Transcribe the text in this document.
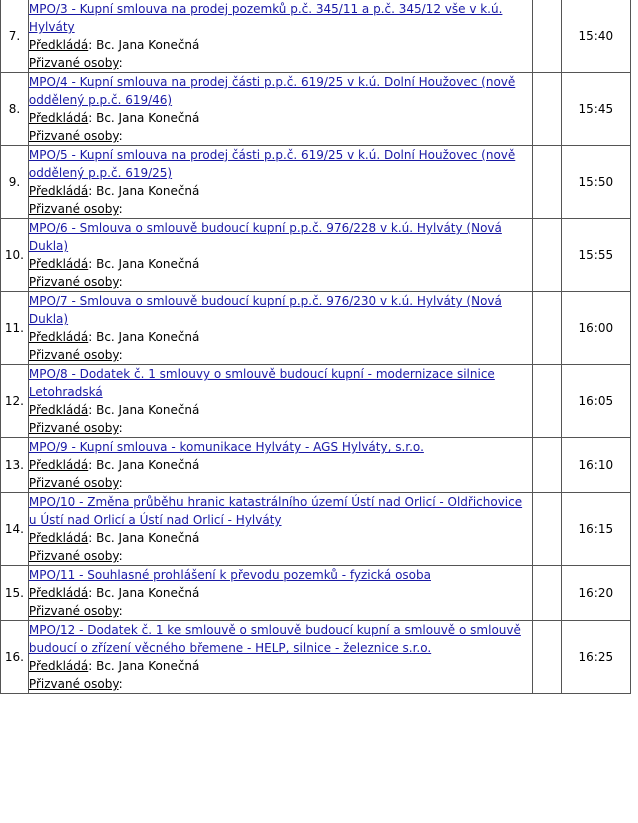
7.	MPO/3 - Kupní smlouva na prodej pozemků p.č. 345/11 a p.č. 345/12 vše v k.ú. Hylváty
Předkládá: Bc. Jana Konečná
Přizvané osoby:		15:40
8.	MPO/4 - Kupní smlouva na prodej části p.p.č. 619/25 v k.ú. Dolní Houžovec (nově oddělený p.p.č. 619/46)
Předkládá: Bc. Jana Konečná
Přizvané osoby:		15:45
9.	MPO/5 - Kupní smlouva na prodej části p.p.č. 619/25 v k.ú. Dolní Houžovec (nově oddělený p.p.č. 619/25)
Předkládá: Bc. Jana Konečná
Přizvané osoby:		15:50
10.	MPO/6 - Smlouva o smlouvě budoucí kupní p.p.č. 976/228 v k.ú. Hylváty (Nová Dukla)
Předkládá: Bc. Jana Konečná
Přizvané osoby:		15:55
11.	MPO/7 - Smlouva o smlouvě budoucí kupní p.p.č. 976/230 v k.ú. Hylváty (Nová Dukla)
Předkládá: Bc. Jana Konečná
Přizvané osoby:		16:00
12.	MPO/8 - Dodatek č. 1 smlouvy o smlouvě budoucí kupní - modernizace silnice Letohradská
Předkládá: Bc. Jana Konečná
Přizvané osoby:		16:05
13.	MPO/9 - Kupní smlouva - komunikace Hylváty - AGS Hylváty, s.r.o.
Předkládá: Bc. Jana Konečná
Přizvané osoby:		16:10
14.	MPO/10 - Změna průběhu hranic katastrálního území Ústí nad Orlicí - Oldřichovice u Ústí nad Orlicí a Ústí nad Orlicí - Hylváty
Předkládá: Bc. Jana Konečná
Přizvané osoby:		16:15
15.	MPO/11 - Souhlasné prohlášení k převodu pozemků - fyzická osoba
Předkládá: Bc. Jana Konečná
Přizvané osoby:		16:20
16.	MPO/12 - Dodatek č. 1 ke smlouvě o smlouvě budoucí kupní a smlouvě o smlouvě budoucí o zřízení věcného břemene - HELP, silnice - železnice s.r.o.
Předkládá: Bc. Jana Konečná
Přizvané osoby:		16:25
